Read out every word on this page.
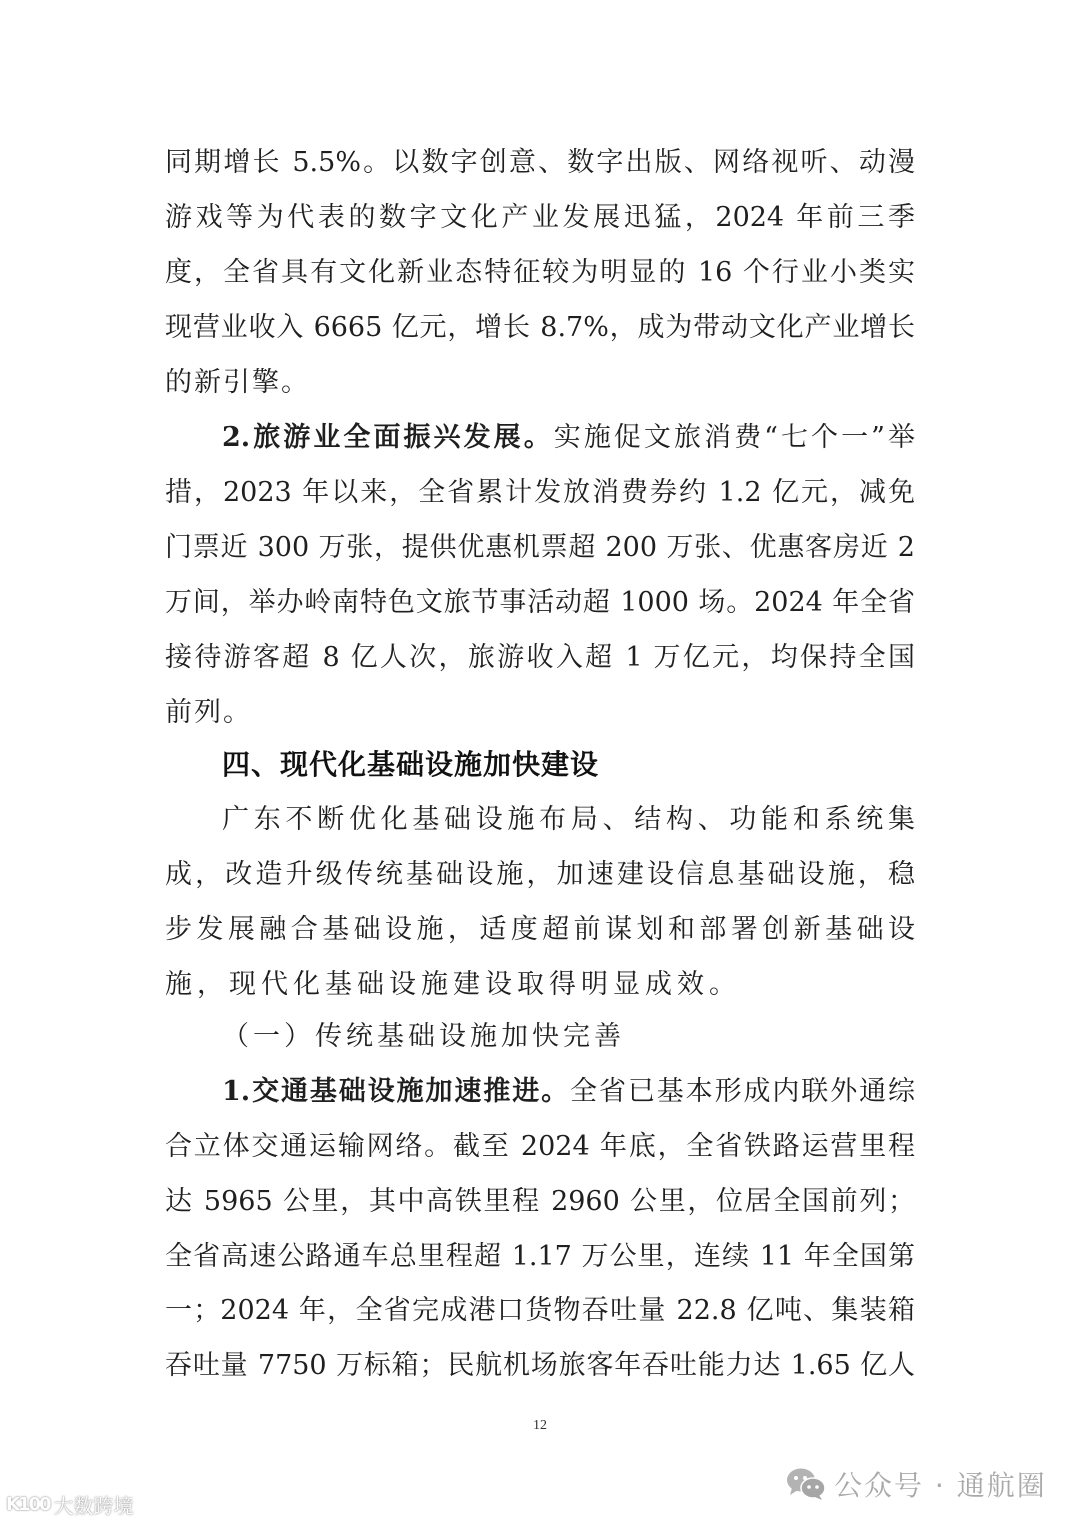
同期增长 5.5%。以数字创意、数字出版、网络视听、动漫
游戏等为代表的数字文化产业发展迅猛，2024 年前三季
度，全省具有文化新业态特征较为明显的 16 个行业小类实
现营业收入 6665 亿元，增长 8.7%，成为带动文化产业增长
的新引擎。
2.旅游业全面振兴发展。实施促文旅消费“七个一”举
措，2023 年以来，全省累计发放消费券约 1.2 亿元，减免
门票近 300 万张，提供优惠机票超 200 万张、优惠客房近 2
万间，举办岭南特色文旅节事活动超 1000 场。2024 年全省
接待游客超 8 亿人次，旅游收入超 1 万亿元，均保持全国
前列。
四、现代化基础设施加快建设
广东不断优化基础设施布局、结构、功能和系统集
成，改造升级传统基础设施，加速建设信息基础设施，稳
步发展融合基础设施，适度超前谋划和部署创新基础设
施，现代化基础设施建设取得明显成效。
（一）传统基础设施加快完善
1.交通基础设施加速推进。全省已基本形成内联外通综
合立体交通运输网络。截至 2024 年底，全省铁路运营里程
达 5965 公里，其中高铁里程 2960 公里，位居全国前列；
全省高速公路通车总里程超 1.17 万公里，连续 11 年全国第
一；2024 年，全省完成港口货物吞吐量 22.8 亿吨、集装箱
吞吐量 7750 万标箱；民航机场旅客年吞吐能力达 1.65 亿人
12
K100 大数跨境
公众号 · 通航圈
